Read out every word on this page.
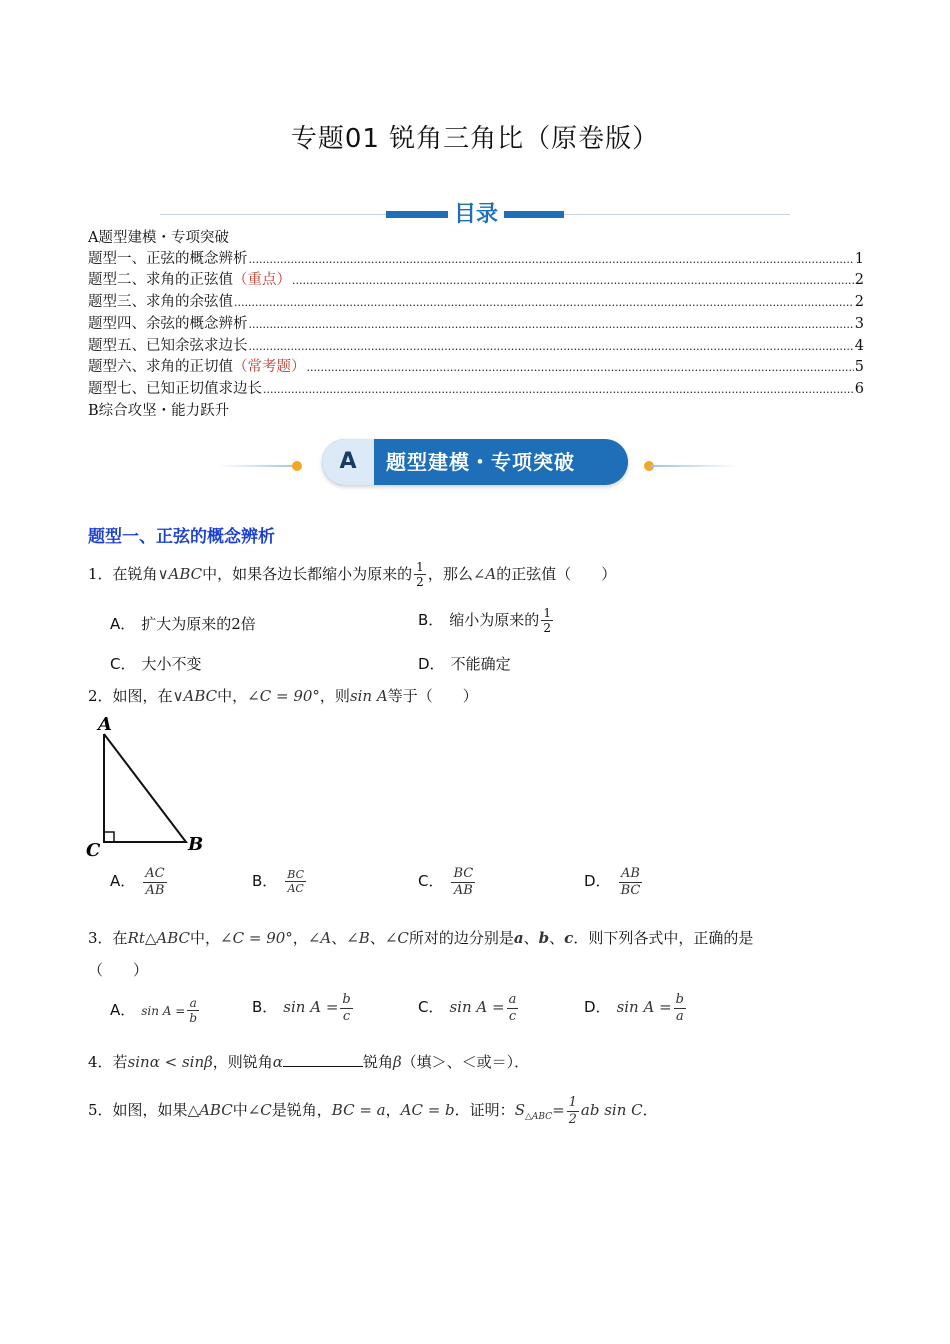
专题01 锐角三角比（原卷版）
目录
A题型建模・专项突破
题型一、正弦的概念辨析 .....	1
题型二、求角的正弦值 （重点） .....	2
题型三、求角的余弦值 .....	2
题型四、余弦的概念辨析 .....	3
题型五、已知余弦求边长 .....	4
题型六、求角的正切值 （常考题） .....	5
题型七、已知正切值求边长 .....	6
B综合攻坚・能力跃升
A	题型建模・专项突破
题型一、正弦的概念辨析
1．在锐角∨ABC中，如果各边长都缩小为原来的 $\frac{1}{2}$ ，那么∠A的正弦值（　　）
A． 扩大为原来的2倍	B． 缩小为原来的 $\frac{1}{2}$
C． 大小不变	D． 不能确定
2．如图，在∨ABC中，∠C = 90°，则sin A等于（　　）
A
C	B
A． $\frac{AC}{AB}$	B． $\frac{BC}{AC}$	C． $\frac{BC}{AB}$	D． $\frac{AB}{BC}$
3．在Rt△ABC中，∠C = 90°，∠A、∠B、∠C所对的边分别是a、b、c．则下列各式中，正确的是
（　　）
A． $\sin A = \frac{a}{b}$	B． $\sin A = \frac{b}{c}$	C． $\sin A = \frac{a}{c}$	D． $\sin A = \frac{b}{a}$
4．若sinα < sinβ，则锐角α	锐角β（填＞、＜或＝）．
5．如图，如果△ABC中∠C是锐角，BC = a，AC = b．证明：$S_{\triangle ABC}= \frac{1}{2}$ ab sin C．
